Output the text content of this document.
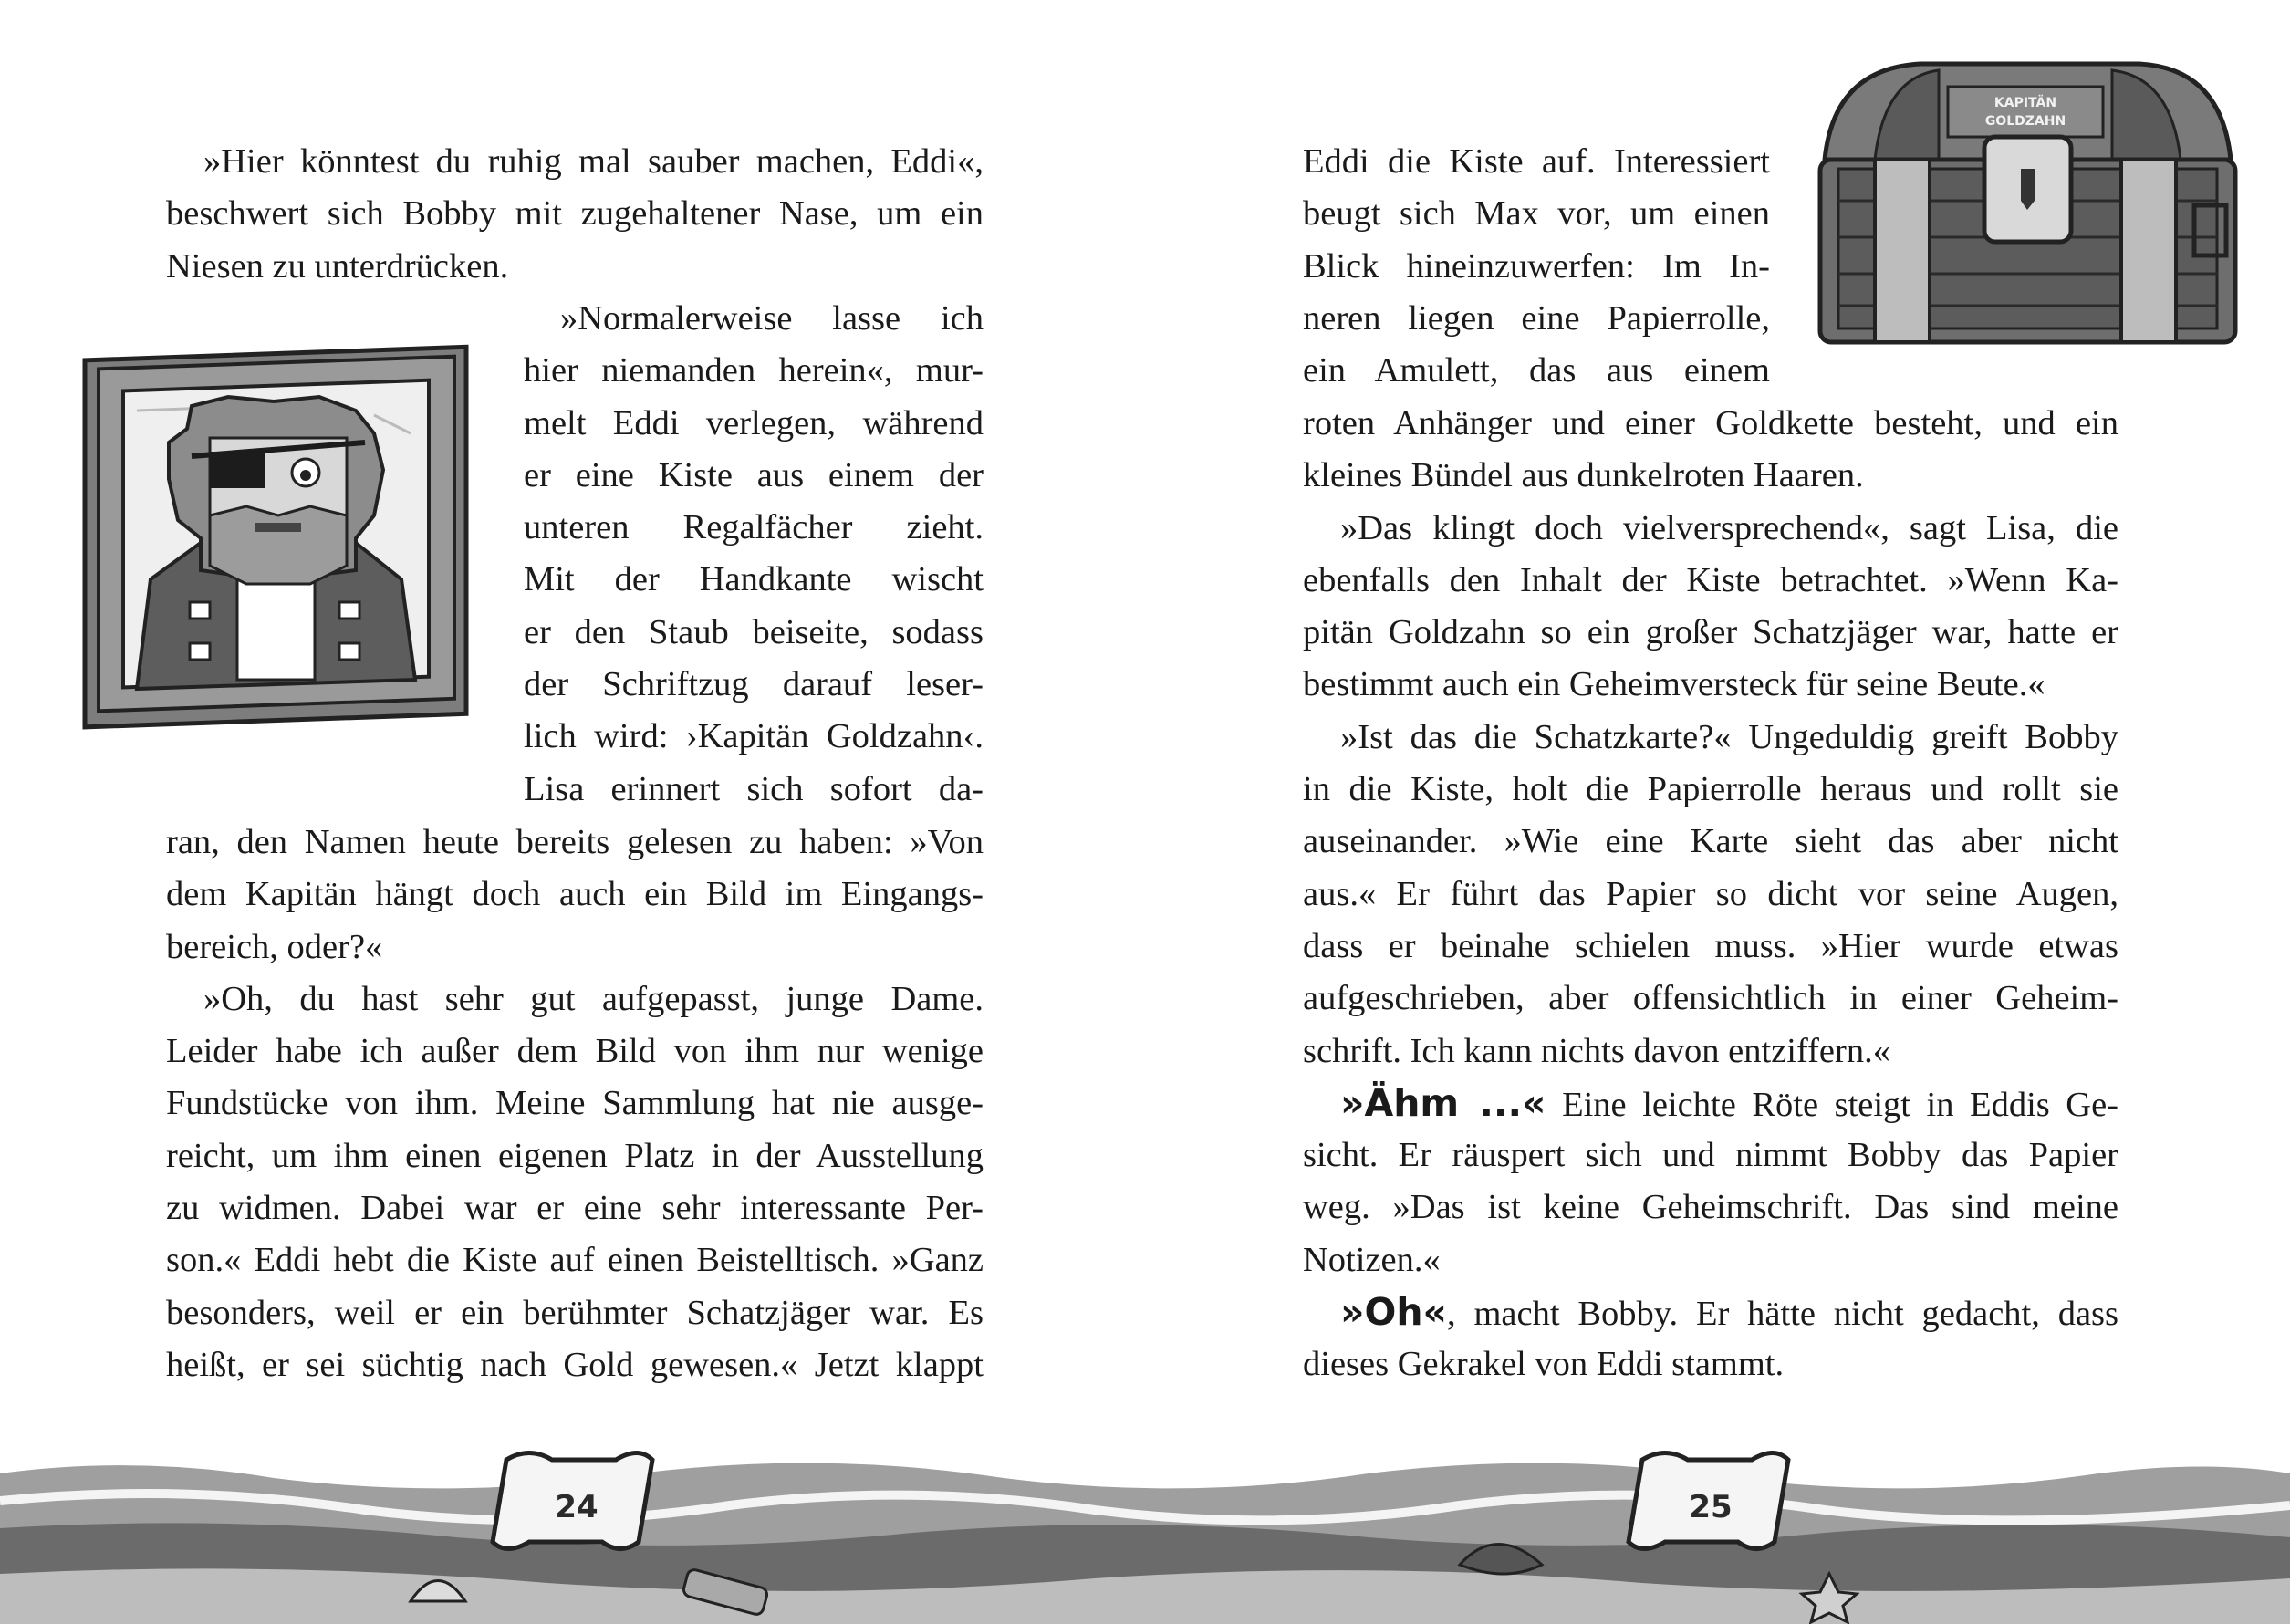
»Hier könntest du ruhig mal sauber machen, Eddi«,
beschwert sich Bobby mit zugehaltener Nase, um ein
Niesen zu unterdrücken.
»Normalerweise lasse ich
hier niemanden herein«, mur-
melt Eddi verlegen, während
er eine Kiste aus einem der
unteren Regalfächer zieht.
Mit der Handkante wischt
er den Staub beiseite, sodass
der Schriftzug darauf leser-
lich wird: ›Kapitän Goldzahn‹.
Lisa erinnert sich sofort da-
ran, den Namen heute bereits gelesen zu haben: »Von
dem Kapitän hängt doch auch ein Bild im Eingangs-
bereich, oder?«
»Oh, du hast sehr gut aufgepasst, junge Dame.
Leider habe ich außer dem Bild von ihm nur wenige
Fundstücke von ihm. Meine Sammlung hat nie ausge-
reicht, um ihm einen eigenen Platz in der Ausstellung
zu widmen. Dabei war er eine sehr interessante Per-
son.« Eddi hebt die Kiste auf einen Beistelltisch. »Ganz
besonders, weil er ein berühmter Schatzjäger war. Es
heißt, er sei süchtig nach Gold gewesen.« Jetzt klappt
KAPITÄN
GOLDZAHN
Eddi die Kiste auf. Interessiert
beugt sich Max vor, um einen
Blick hineinzuwerfen: Im In-
neren liegen eine Papierrolle,
ein Amulett, das aus einem
roten Anhänger und einer Goldkette besteht, und ein
kleines Bündel aus dunkelroten Haaren.
»Das klingt doch vielversprechend«, sagt Lisa, die
ebenfalls den Inhalt der Kiste betrachtet. »Wenn Ka-
pitän Goldzahn so ein großer Schatzjäger war, hatte er
bestimmt auch ein Geheimversteck für seine Beute.«
»Ist das die Schatzkarte?« Ungeduldig greift Bobby
in die Kiste, holt die Papierrolle heraus und rollt sie
auseinander. »Wie eine Karte sieht das aber nicht
aus.« Er führt das Papier so dicht vor seine Augen,
dass er beinahe schielen muss. »Hier wurde etwas
aufgeschrieben, aber offensichtlich in einer Geheim-
schrift. Ich kann nichts davon entziffern.«
»Ähm ...« Eine leichte Röte steigt in Eddis Ge-
sicht. Er räuspert sich und nimmt Bobby das Papier
weg. »Das ist keine Geheimschrift. Das sind meine
Notizen.«
»Oh«, macht Bobby. Er hätte nicht gedacht, dass
dieses Gekrakel von Eddi stammt.
24	25
